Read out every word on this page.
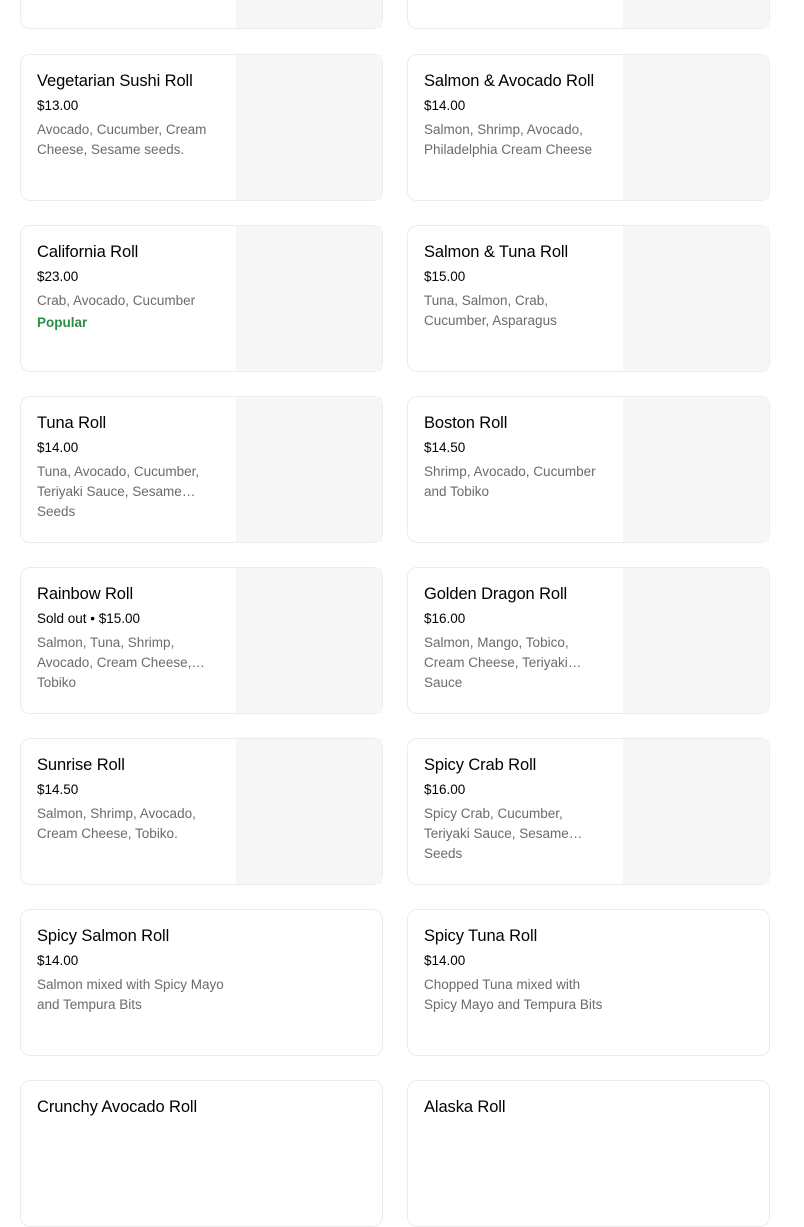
Vegetarian Sushi Roll
$13.00
Avocado, Cucumber, Cream Cheese, Sesame seeds.
Salmon & Avocado Roll
$14.00
Salmon, Shrimp, Avocado, Philadelphia Cream Cheese
California Roll
$23.00
Crab, Avocado, Cucumber
Popular
Salmon & Tuna Roll
$15.00
Tuna, Salmon, Crab, Cucumber, Asparagus
Tuna Roll
$14.00
Tuna, Avocado, Cucumber, Teriyaki Sauce, Sesame Seeds
Boston Roll
$14.50
Shrimp, Avocado, Cucumber and Tobiko
Rainbow Roll
Sold out • $15.00
Salmon, Tuna, Shrimp, Avocado, Cream Cheese, Tobiko
Golden Dragon Roll
$16.00
Salmon, Mango, Tobico, Cream Cheese, Teriyaki Sauce
Sunrise Roll
$14.50
Salmon, Shrimp, Avocado, Cream Cheese, Tobiko.
Spicy Crab Roll
$16.00
Spicy Crab, Cucumber, Teriyaki Sauce, Sesame Seeds
Spicy Salmon Roll
$14.00
Salmon mixed with Spicy Mayo and Tempura Bits
Spicy Tuna Roll
$14.00
Chopped Tuna mixed with Spicy Mayo and Tempura Bits
Crunchy Avocado Roll	Alaska Roll
